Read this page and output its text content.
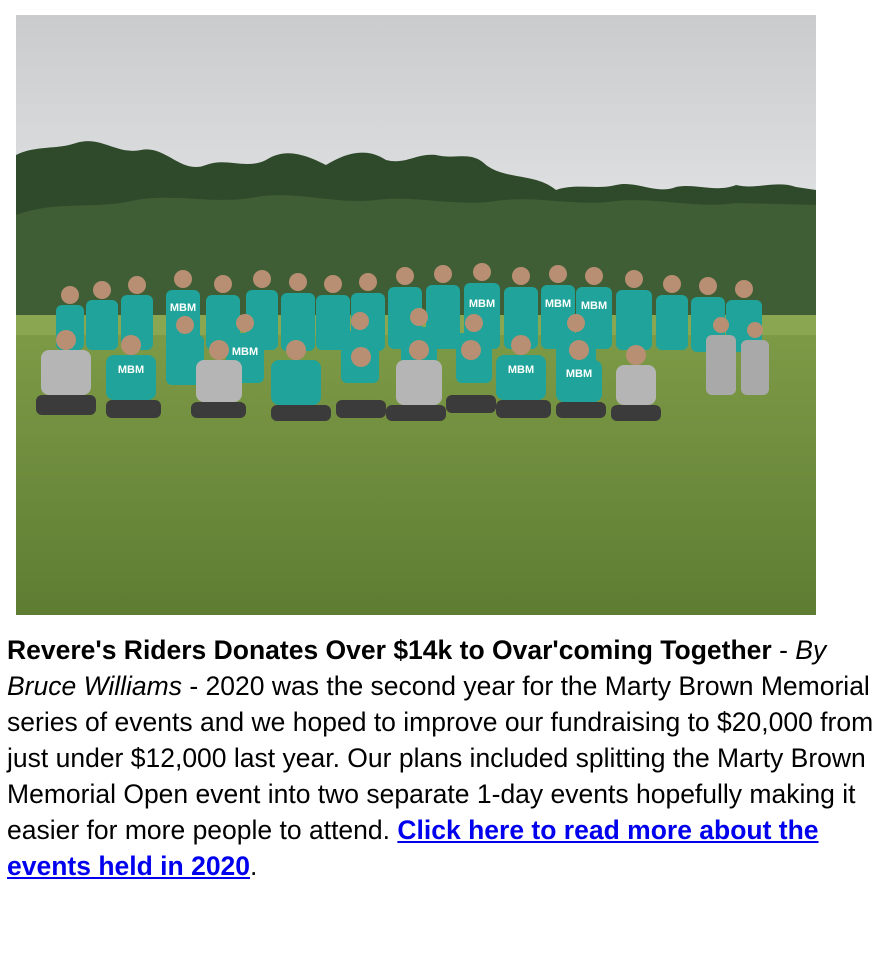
MBM	MBM	MBM MBM
MBM	MBM	MBM
MBM

Revere's Riders Donates Over $14k to Ovar'coming Together - By Bruce Williams - 2020 was the second year for the Marty Brown Memorial series of events and we hoped to improve our fundraising to $20,000 from just under $12,000 last year. Our plans included splitting the Marty Brown Memorial Open event into two separate 1-day events hopefully making it easier for more people to attend. Click here to read more about the events held in 2020.
